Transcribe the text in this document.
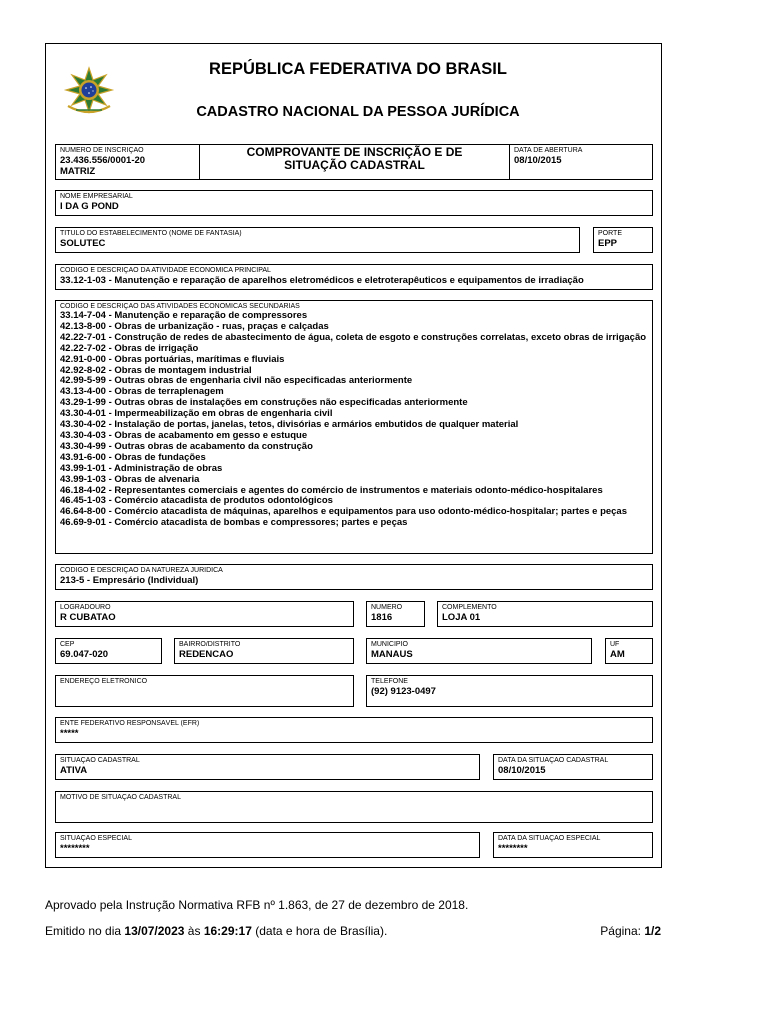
REPÚBLICA FEDERATIVA DO BRASIL
CADASTRO NACIONAL DA PESSOA JURÍDICA
NÚMERO DE INSCRIÇÃO
23.436.556/0001-20
MATRIZ
COMPROVANTE DE INSCRIÇÃO E DE SITUAÇÃO CADASTRAL
DATA DE ABERTURA
08/10/2015
NOME EMPRESARIAL
I DA G POND
TÍTULO DO ESTABELECIMENTO (NOME DE FANTASIA)
SOLUTEC
PORTE
EPP
CÓDIGO E DESCRIÇÃO DA ATIVIDADE ECONÔMICA PRINCIPAL
33.12-1-03 - Manutenção e reparação de aparelhos eletromédicos e eletroterapêuticos e equipamentos de irradiação
CÓDIGO E DESCRIÇÃO DAS ATIVIDADES ECONÔMICAS SECUNDÁRIAS
33.14-7-04 - Manutenção e reparação de compressores
42.13-8-00 - Obras de urbanização - ruas, praças e calçadas
42.22-7-01 - Construção de redes de abastecimento de água, coleta de esgoto e construções correlatas, exceto obras de irrigação
42.22-7-02 - Obras de irrigação
42.91-0-00 - Obras portuárias, marítimas e fluviais
42.92-8-02 - Obras de montagem industrial
42.99-5-99 - Outras obras de engenharia civil não especificadas anteriormente
43.13-4-00 - Obras de terraplenagem
43.29-1-99 - Outras obras de instalações em construções não especificadas anteriormente
43.30-4-01 - Impermeabilização em obras de engenharia civil
43.30-4-02 - Instalação de portas, janelas, tetos, divisórias e armários embutidos de qualquer material
43.30-4-03 - Obras de acabamento em gesso e estuque
43.30-4-99 - Outras obras de acabamento da construção
43.91-6-00 - Obras de fundações
43.99-1-01 - Administração de obras
43.99-1-03 - Obras de alvenaria
46.18-4-02 - Representantes comerciais e agentes do comércio de instrumentos e materiais odonto-médico-hospitalares
46.45-1-03 - Comércio atacadista de produtos odontológicos
46.64-8-00 - Comércio atacadista de máquinas, aparelhos e equipamentos para uso odonto-médico-hospitalar; partes e peças
46.69-9-01 - Comércio atacadista de bombas e compressores; partes e peças
CÓDIGO E DESCRIÇÃO DA NATUREZA JURÍDICA
213-5 - Empresário (Individual)
LOGRADOURO
R CUBATAO
NÚMERO
1816
COMPLEMENTO
LOJA 01
CEP
69.047-020
BAIRRO/DISTRITO
REDENCAO
MUNICÍPIO
MANAUS
UF
AM
ENDEREÇO ELETRÔNICO	TELEFONE
(92) 9123-0497
ENTE FEDERATIVO RESPONSÁVEL (EFR)
*****
SITUAÇÃO CADASTRAL
ATIVA
DATA DA SITUAÇÃO CADASTRAL
08/10/2015
MOTIVO DE SITUAÇÃO CADASTRAL
SITUAÇÃO ESPECIAL
********
DATA DA SITUAÇÃO ESPECIAL
********
Aprovado pela Instrução Normativa RFB nº 1.863, de 27 de dezembro de 2018.
Emitido no dia 13/07/2023 às 16:29:17 (data e hora de Brasília).	Página: 1/2
